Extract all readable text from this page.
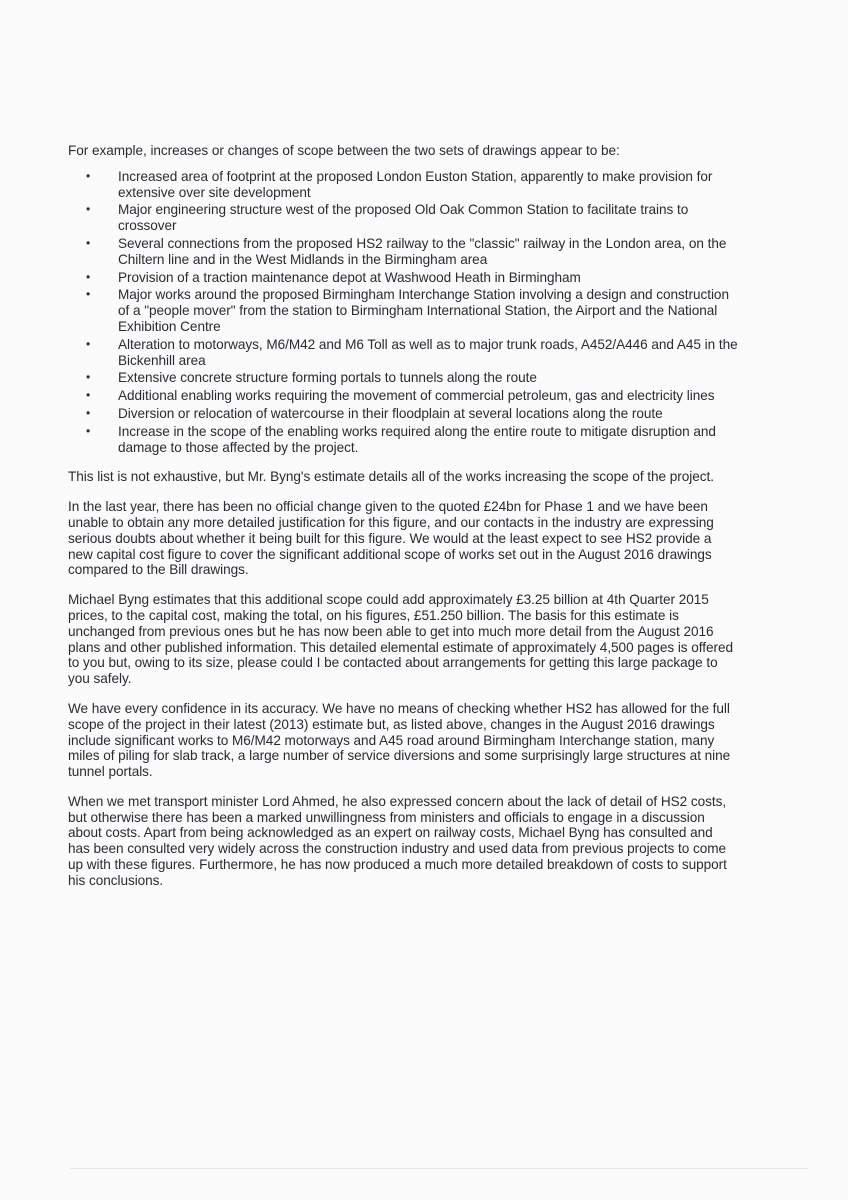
For example, increases or changes of scope between the two sets of drawings appear to be:

• Increased area of footprint at the proposed London Euston Station, apparently to make provision for extensive over site development
• Major engineering structure west of the proposed Old Oak Common Station to facilitate trains to crossover
• Several connections from the proposed HS2 railway to the "classic" railway in the London area, on the Chiltern line and in the West Midlands in the Birmingham area
• Provision of a traction maintenance depot at Washwood Heath in Birmingham
• Major works around the proposed Birmingham Interchange Station involving a design and construction of a "people mover" from the station to Birmingham International Station, the Airport and the National Exhibition Centre
• Alteration to motorways, M6/M42 and M6 Toll as well as to major trunk roads, A452/A446 and A45 in the Bickenhill area
• Extensive concrete structure forming portals to tunnels along the route
• Additional enabling works requiring the movement of commercial petroleum, gas and electricity lines
• Diversion or relocation of watercourse in their floodplain at several locations along the route
• Increase in the scope of the enabling works required along the entire route to mitigate disruption and damage to those affected by the project.

This list is not exhaustive, but Mr. Byng's estimate details all of the works increasing the scope of the project.

In the last year, there has been no official change given to the quoted £24bn for Phase 1 and we have been unable to obtain any more detailed justification for this figure, and our contacts in the industry are expressing serious doubts about whether it being built for this figure. We would at the least expect to see HS2 provide a new capital cost figure to cover the significant additional scope of works set out in the August 2016 drawings compared to the Bill drawings.

Michael Byng estimates that this additional scope could add approximately £3.25 billion at 4th Quarter 2015 prices, to the capital cost, making the total, on his figures, £51.250 billion. The basis for this estimate is unchanged from previous ones but he has now been able to get into much more detail from the August 2016 plans and other published information. This detailed elemental estimate of approximately 4,500 pages is offered to you but, owing to its size, please could I be contacted about arrangements for getting this large package to you safely.

We have every confidence in its accuracy. We have no means of checking whether HS2 has allowed for the full scope of the project in their latest (2013) estimate but, as listed above, changes in the August 2016 drawings include significant works to M6/M42 motorways and A45 road around Birmingham Interchange station, many miles of piling for slab track, a large number of service diversions and some surprisingly large structures at nine tunnel portals.

When we met transport minister Lord Ahmed, he also expressed concern about the lack of detail of HS2 costs, but otherwise there has been a marked unwillingness from ministers and officials to engage in a discussion about costs. Apart from being acknowledged as an expert on railway costs, Michael Byng has consulted and has been consulted very widely across the construction industry and used data from previous projects to come up with these figures. Furthermore, he has now produced a much more detailed breakdown of costs to support his conclusions.
